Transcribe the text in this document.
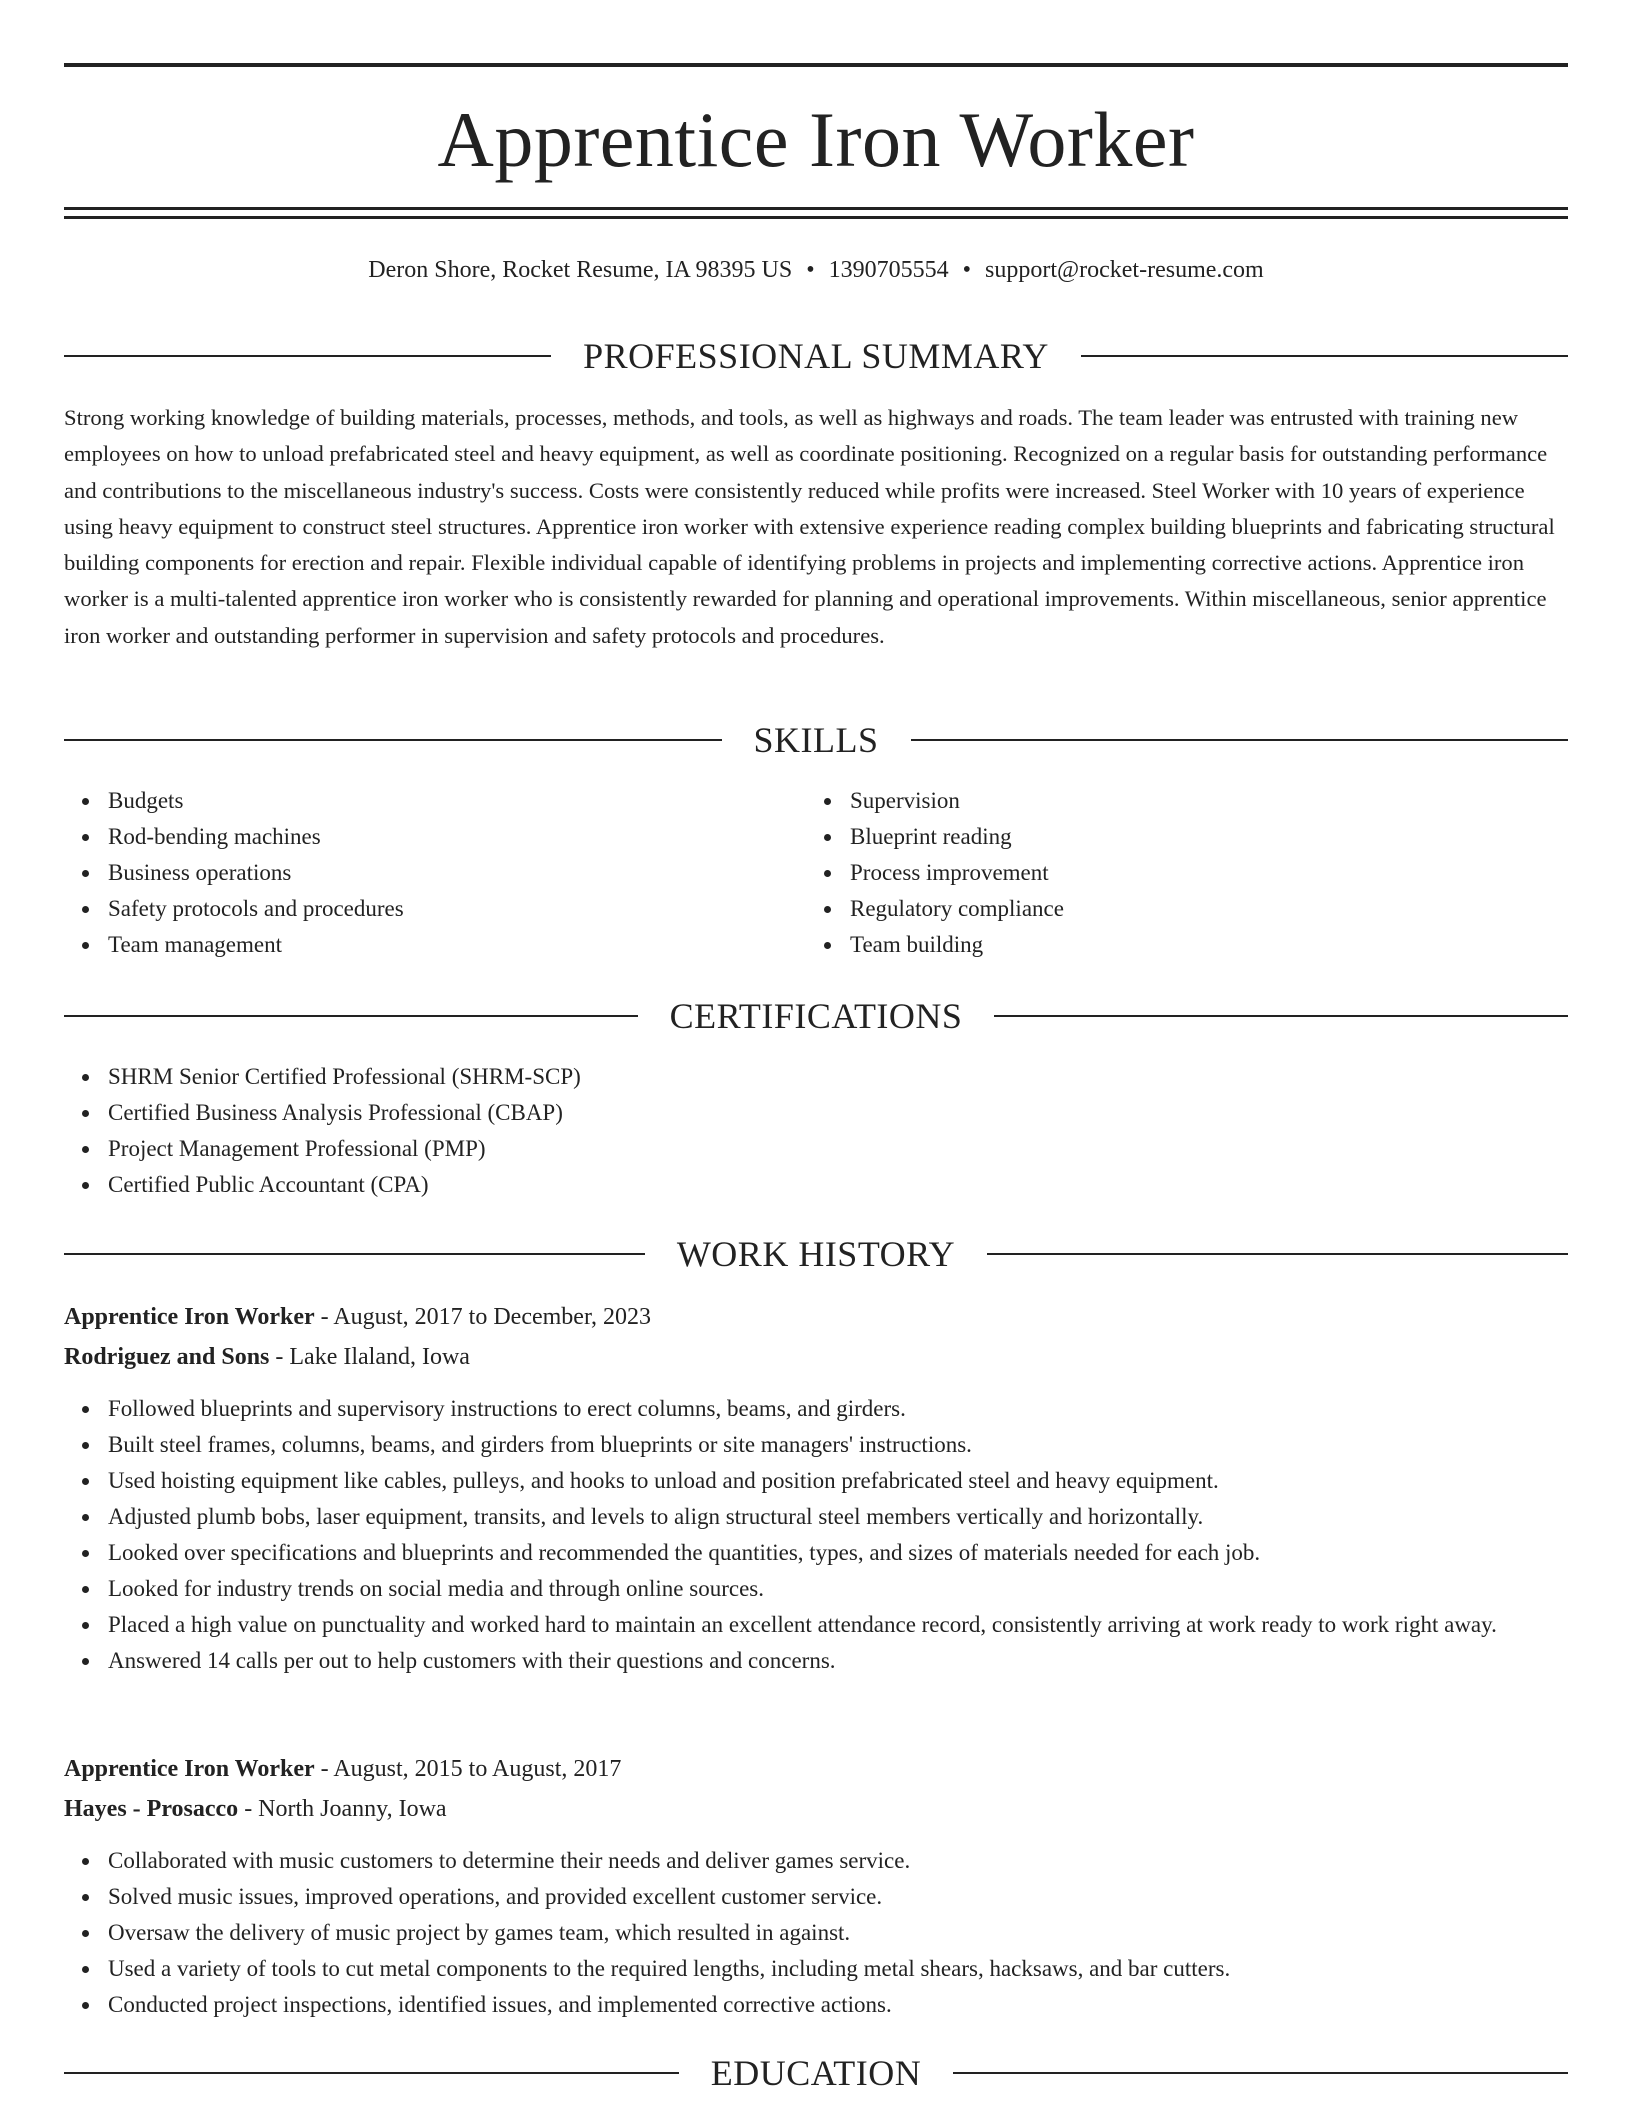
Apprentice Iron Worker
Deron Shore, Rocket Resume, IA 98395 US • 1390705554 • support@rocket-resume.com
PROFESSIONAL SUMMARY
Strong working knowledge of building materials, processes, methods, and tools, as well as highways and roads. The team leader was entrusted with training new employees on how to unload prefabricated steel and heavy equipment, as well as coordinate positioning. Recognized on a regular basis for outstanding performance and contributions to the miscellaneous industry's success. Costs were consistently reduced while profits were increased. Steel Worker with 10 years of experience using heavy equipment to construct steel structures. Apprentice iron worker with extensive experience reading complex building blueprints and fabricating structural building components for erection and repair. Flexible individual capable of identifying problems in projects and implementing corrective actions. Apprentice iron worker is a multi-talented apprentice iron worker who is consistently rewarded for planning and operational improvements. Within miscellaneous, senior apprentice iron worker and outstanding performer in supervision and safety protocols and procedures.
SKILLS
Budgets
Rod-bending machines
Business operations
Safety protocols and procedures
Team management
Supervision
Blueprint reading
Process improvement
Regulatory compliance
Team building
CERTIFICATIONS
SHRM Senior Certified Professional (SHRM-SCP)
Certified Business Analysis Professional (CBAP)
Project Management Professional (PMP)
Certified Public Accountant (CPA)
WORK HISTORY
Apprentice Iron Worker - August, 2017 to December, 2023
Rodriguez and Sons - Lake Ilaland, Iowa
Followed blueprints and supervisory instructions to erect columns, beams, and girders.
Built steel frames, columns, beams, and girders from blueprints or site managers' instructions.
Used hoisting equipment like cables, pulleys, and hooks to unload and position prefabricated steel and heavy equipment.
Adjusted plumb bobs, laser equipment, transits, and levels to align structural steel members vertically and horizontally.
Looked over specifications and blueprints and recommended the quantities, types, and sizes of materials needed for each job.
Looked for industry trends on social media and through online sources.
Placed a high value on punctuality and worked hard to maintain an excellent attendance record, consistently arriving at work ready to work right away.
Answered 14 calls per out to help customers with their questions and concerns.
Apprentice Iron Worker - August, 2015 to August, 2017
Hayes - Prosacco - North Joanny, Iowa
Collaborated with music customers to determine their needs and deliver games service.
Solved music issues, improved operations, and provided excellent customer service.
Oversaw the delivery of music project by games team, which resulted in against.
Used a variety of tools to cut metal components to the required lengths, including metal shears, hacksaws, and bar cutters.
Conducted project inspections, identified issues, and implemented corrective actions.
EDUCATION
